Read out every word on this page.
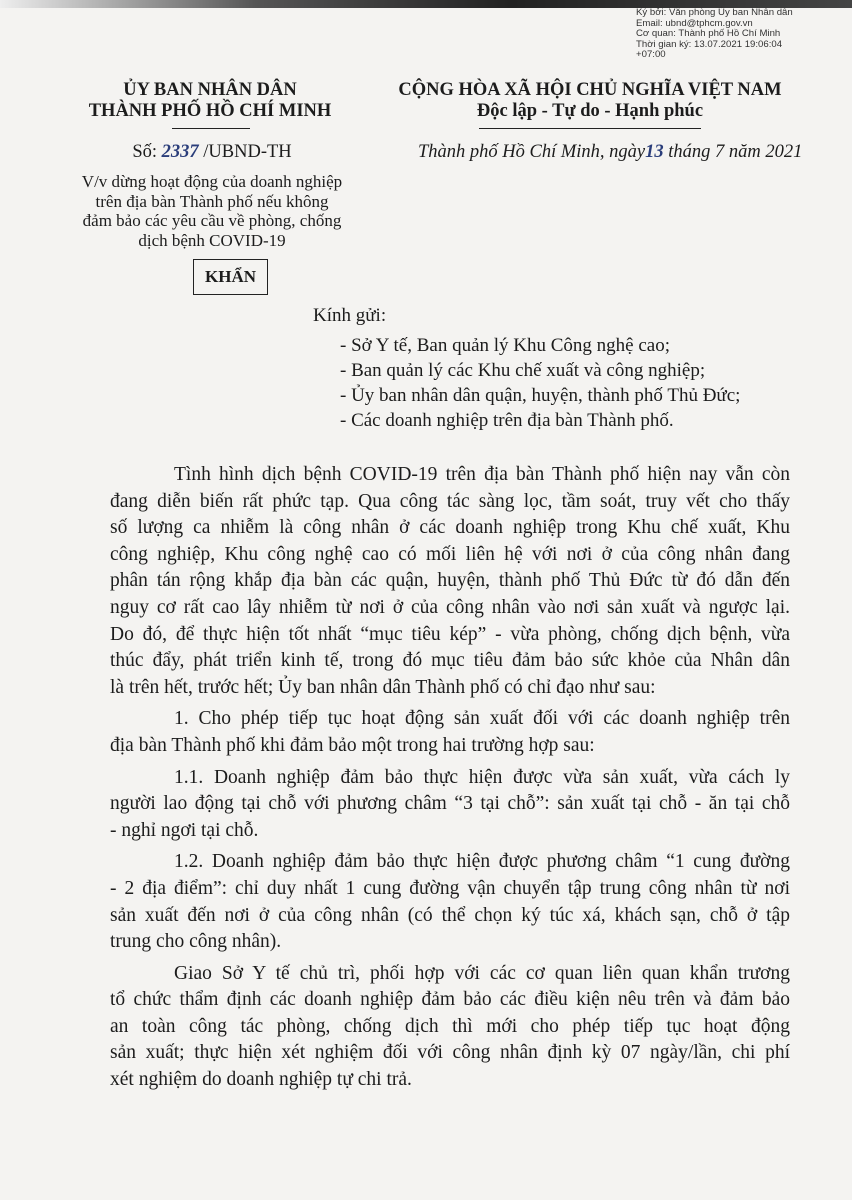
Ký bởi: Văn phòng Ủy ban Nhân dân
Email: ubnd@tphcm.gov.vn
Cơ quan: Thành phố Hồ Chí Minh
Thời gian ký: 13.07.2021 19:06:04
+07:00
ỦY BAN NHÂN DÂN
THÀNH PHỐ HỒ CHÍ MINH
CỘNG HÒA XÃ HỘI CHỦ NGHĨA VIỆT NAM
Độc lập - Tự do - Hạnh phúc
Số: 2337 /UBND-TH	Thành phố Hồ Chí Minh, ngày13 tháng 7 năm 2021
V/v dừng hoạt động của doanh nghiệp
trên địa bàn Thành phố nếu không
đảm bảo các yêu cầu về phòng, chống
dịch bệnh COVID-19
KHẨN
Kính gửi:
- Sở Y tế, Ban quản lý Khu Công nghệ cao;
- Ban quản lý các Khu chế xuất và công nghiệp;
- Ủy ban nhân dân quận, huyện, thành phố Thủ Đức;
- Các doanh nghiệp trên địa bàn Thành phố.
Tình hình dịch bệnh COVID-19 trên địa bàn Thành phố hiện nay vẫn còn
đang diễn biến rất phức tạp. Qua công tác sàng lọc, tầm soát, truy vết cho thấy
số lượng ca nhiễm là công nhân ở các doanh nghiệp trong Khu chế xuất, Khu
công nghiệp, Khu công nghệ cao có mối liên hệ với nơi ở của công nhân đang
phân tán rộng khắp địa bàn các quận, huyện, thành phố Thủ Đức từ đó dẫn đến
nguy cơ rất cao lây nhiễm từ nơi ở của công nhân vào nơi sản xuất và ngược lại.
Do đó, để thực hiện tốt nhất “mục tiêu kép” - vừa phòng, chống dịch bệnh, vừa
thúc đẩy, phát triển kinh tế, trong đó mục tiêu đảm bảo sức khỏe của Nhân dân
là trên hết, trước hết; Ủy ban nhân dân Thành phố có chỉ đạo như sau:
1. Cho phép tiếp tục hoạt động sản xuất đối với các doanh nghiệp trên
địa bàn Thành phố khi đảm bảo một trong hai trường hợp sau:
1.1. Doanh nghiệp đảm bảo thực hiện được vừa sản xuất, vừa cách ly
người lao động tại chỗ với phương châm “3 tại chỗ”: sản xuất tại chỗ - ăn tại chỗ
- nghỉ ngơi tại chỗ.
1.2. Doanh nghiệp đảm bảo thực hiện được phương châm “1 cung đường
- 2 địa điểm”: chỉ duy nhất 1 cung đường vận chuyển tập trung công nhân từ nơi
sản xuất đến nơi ở của công nhân (có thể chọn ký túc xá, khách sạn, chỗ ở tập
trung cho công nhân).
Giao Sở Y tế chủ trì, phối hợp với các cơ quan liên quan khẩn trương
tổ chức thẩm định các doanh nghiệp đảm bảo các điều kiện nêu trên và đảm bảo
an toàn công tác phòng, chống dịch thì mới cho phép tiếp tục hoạt động
sản xuất; thực hiện xét nghiệm đối với công nhân định kỳ 07 ngày/lần, chi phí
xét nghiệm do doanh nghiệp tự chi trả.
